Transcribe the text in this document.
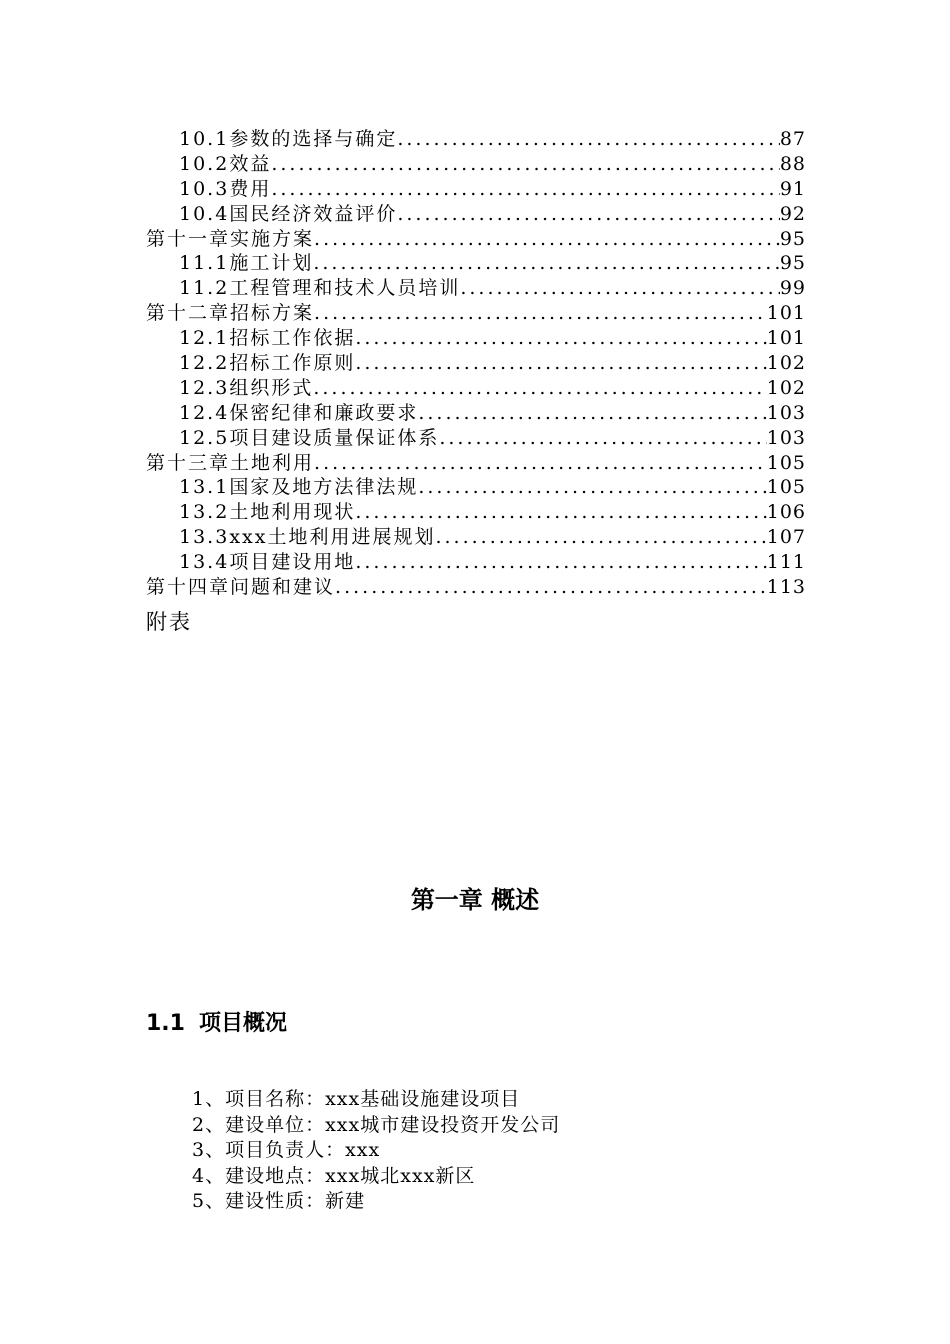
10.1 参数的选择与确定 .....	87
10.2 效益 .....	88
10.3 费用 .....	91
10.4 国民经济效益评价 .....	92
第十一章 实施方案 .....	95
11.1 施工计划 .....	95
11.2 工程管理和技术人员培训 .....	99
第十二章 招标方案 .....	101
12.1 招标工作依据 .....	101
12.2 招标工作原则 .....	102
12.3 组织形式 .....	102
12.4 保密纪律和廉政要求 .....	103
12.5 项目建设质量保证体系 .....	103
第十三章 土地利用 .....	105
13.1 国家及地方法律法规 .....	105
13.2 土地利用现状 .....	106
13.3 xxx土地利用进展规划 .....	107
13.4 项目建设用地 .....	111
第十四章 问题和建议 .....	113
附表
第一章 概述
1.1 项目概况
1、项目名称：xxx基础设施建设项目
2、建设单位：xxx城市建设投资开发公司
3、项目负责人：xxx
4、建设地点：xxx城北xxx新区
5、建设性质：新建
